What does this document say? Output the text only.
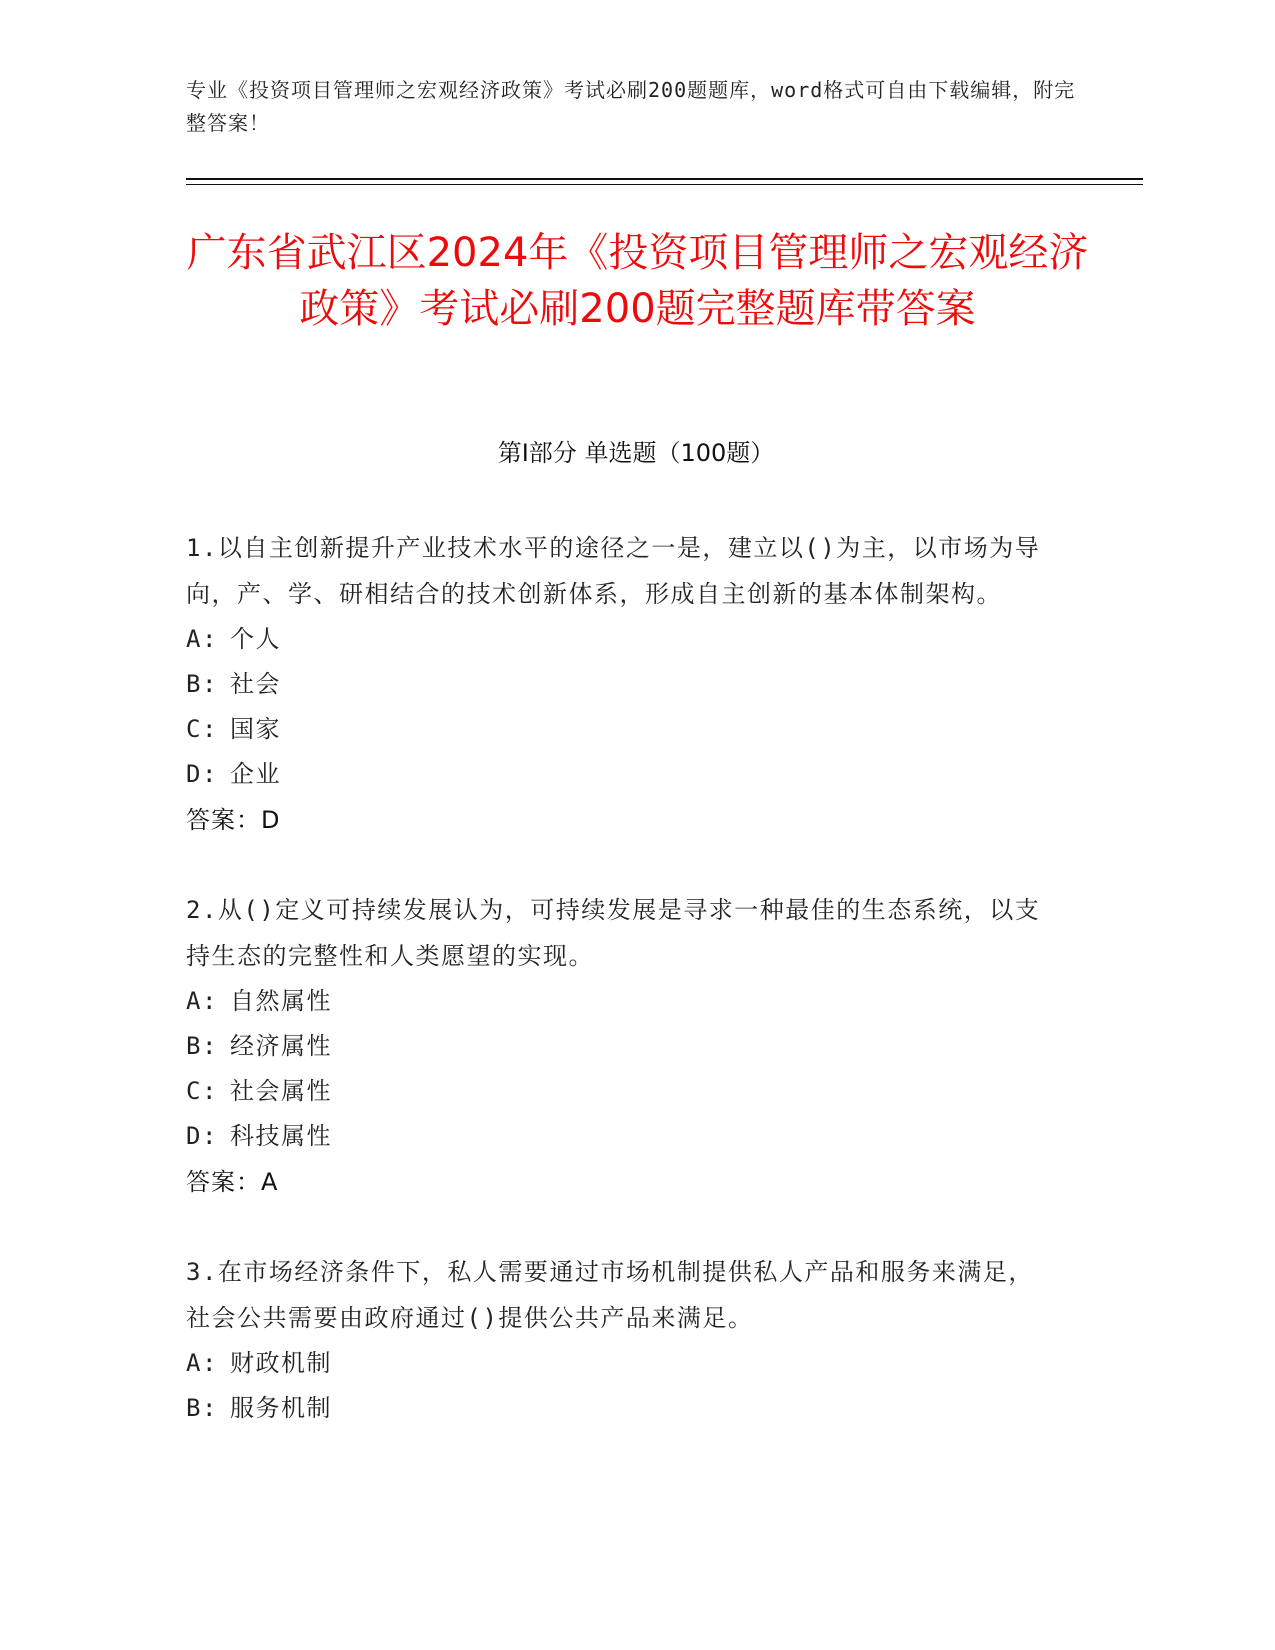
专业《投资项目管理师之宏观经济政策》考试必刷200题题库，word格式可自由下载编辑，附完整答案！
广东省武江区2024年《投资项目管理师之宏观经济政策》考试必刷200题完整题库带答案
第Ⅰ部分 单选题（100题）
1.以自主创新提升产业技术水平的途径之一是，建立以()为主，以市场为导向，产、学、研相结合的技术创新体系，形成自主创新的基本体制架构。
A: 个人
B: 社会
C: 国家
D: 企业
答案：D
2.从()定义可持续发展认为，可持续发展是寻求一种最佳的生态系统，以支持生态的完整性和人类愿望的实现。
A: 自然属性
B: 经济属性
C: 社会属性
D: 科技属性
答案：A
3.在市场经济条件下，私人需要通过市场机制提供私人产品和服务来满足，社会公共需要由政府通过()提供公共产品来满足。
A: 财政机制
B: 服务机制
